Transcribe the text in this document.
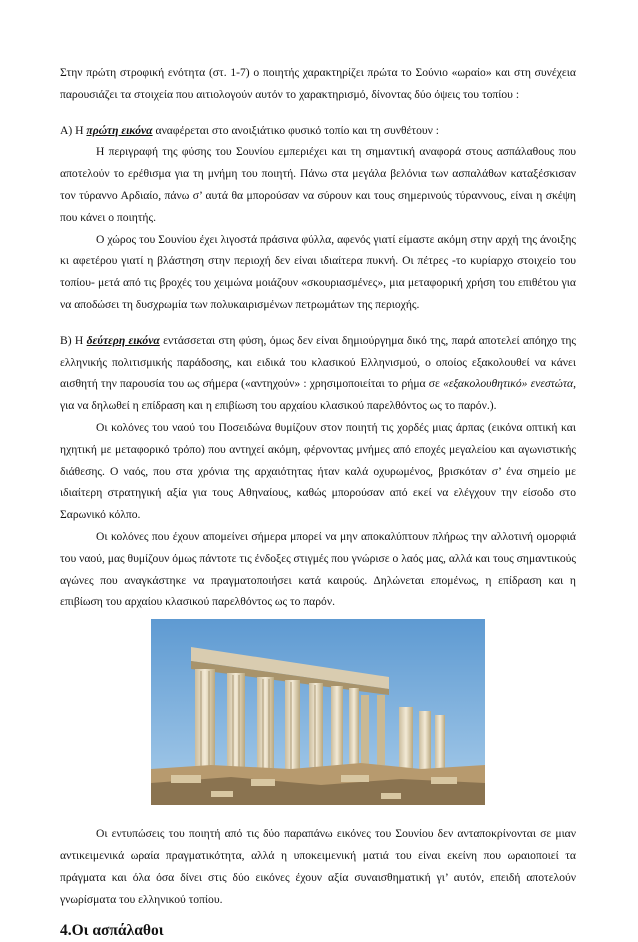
Στην πρώτη στροφική ενότητα (στ. 1-7) ο ποιητής χαρακτηρίζει πρώτα το Σούνιο «ωραίο» και στη συνέχεια παρουσιάζει τα στοιχεία που αιτιολογούν αυτόν το χαρακτηρισμό, δίνοντας δύο όψεις του τοπίου :

Α) Η πρώτη εικόνα αναφέρεται στο ανοιξιάτικο φυσικό τοπίο και τη συνθέτουν :

Η περιγραφή της φύσης του Σουνίου εμπεριέχει και τη σημαντική αναφορά στους ασπάλαθους που αποτελούν το ερέθισμα για τη μνήμη του ποιητή. Πάνω στα μεγάλα βελόνια των ασπαλάθων καταξέσκισαν τον τύραννο Αρδιαίο, πάνω σ’ αυτά θα μπορούσαν να σύρουν και τους σημερινούς τύραννους, είναι η σκέψη που κάνει ο ποιητής.

Ο χώρος του Σουνίου έχει λιγοστά πράσινα φύλλα, αφενός γιατί είμαστε ακόμη στην αρχή της άνοιξης κι αφετέρου γιατί η βλάστηση στην περιοχή δεν είναι ιδιαίτερα πυκνή. Οι πέτρες -το κυρίαρχο στοιχείο του τοπίου- μετά από τις βροχές του χειμώνα μοιάζουν «σκουριασμένες», μια μεταφορική χρήση του επιθέτου για να αποδώσει τη δυσχρωμία των πολυκαιρισμένων πετρωμάτων της περιοχής.

Β) Η δεύτερη εικόνα εντάσσεται στη φύση, όμως δεν είναι δημιούργημα δικό της, παρά αποτελεί απόηχο της ελληνικής πολιτισμικής παράδοσης, και ειδικά του κλασικού Ελληνισμού, ο οποίος εξακολουθεί να κάνει αισθητή την παρουσία του ως σήμερα («αντηχούν» : χρησιμοποιείται το ρήμα σε «εξακολουθητικό» ενεστώτα, για να δηλωθεί η επίδραση και η επιβίωση του αρχαίου κλασικού παρελθόντος ως το παρόν.).

Οι κολόνες του ναού του Ποσειδώνα θυμίζουν στον ποιητή τις χορδές μιας άρπας (εικόνα οπτική και ηχητική με μεταφορικό τρόπο) που αντηχεί ακόμη, φέρνοντας μνήμες από εποχές μεγαλείου και αγωνιστικής διάθεσης. Ο ναός, που στα χρόνια της αρχαιότητας ήταν καλά οχυρωμένος, βρισκόταν σ’ ένα σημείο με ιδιαίτερη στρατηγική αξία για τους Αθηναίους, καθώς μπορούσαν από εκεί να ελέγχουν την είσοδο στο Σαρωνικό κόλπο.

Οι κολόνες που έχουν απομείνει σήμερα μπορεί να μην αποκαλύπτουν πλήρως την αλλοτινή ομορφιά του ναού, μας θυμίζουν όμως πάντοτε τις ένδοξες στιγμές που γνώρισε ο λαός μας, αλλά και τους σημαντικούς αγώνες που αναγκάστηκε να πραγματοποιήσει κατά καιρούς. Δηλώνεται επομένως, η επίδραση και η επιβίωση του αρχαίου κλασικού παρελθόντος ως το παρόν.

Οι εντυπώσεις του ποιητή από τις δύο παραπάνω εικόνες του Σουνίου δεν ανταποκρίνονται σε μιαν αντικειμενικά ωραία πραγματικότητα, αλλά η υποκειμενική ματιά του είναι εκείνη που ωραιοποιεί τα πράγματα και όλα όσα δίνει στις δύο εικόνες έχουν αξία συναισθηματική γι’ αυτόν, επειδή αποτελούν γνωρίσματα του ελληνικού τοπίου.

4.Οι ασπάλαθοι
